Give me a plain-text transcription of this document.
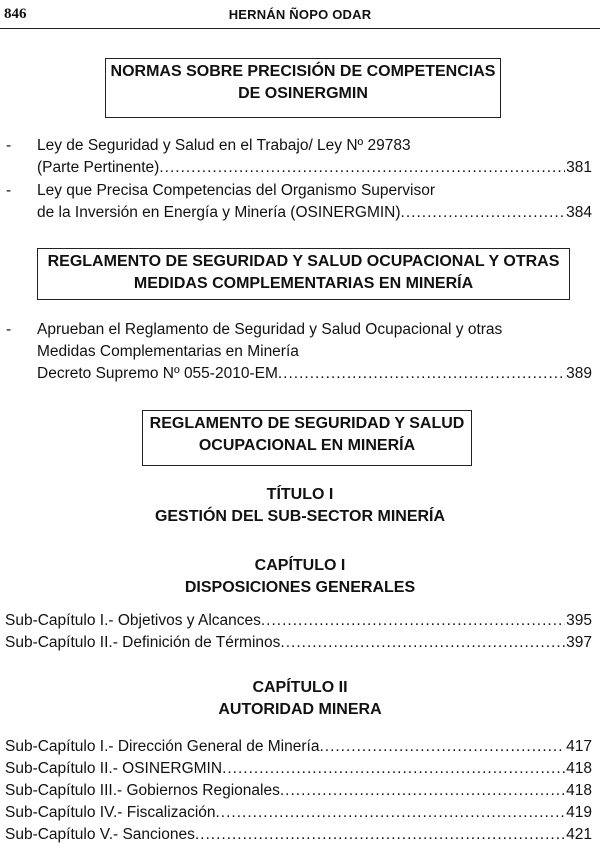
846	HERNÁN ÑOPO ODAR
NORMAS SOBRE PRECISIÓN DE COMPETENCIAS
DE OSINERGMIN
- Ley de Seguridad y Salud en el Trabajo/ Ley Nº 29783
(Parte Pertinente) .....	381
- Ley que Precisa Competencias del Organismo Supervisor
de la Inversión en Energía y Minería (OSINERGMIN) .....	384
REGLAMENTO DE SEGURIDAD Y SALUD OCUPACIONAL Y OTRAS
MEDIDAS COMPLEMENTARIAS EN MINERÍA
- Aprueban el Reglamento de Seguridad y Salud Ocupacional y otras
Medidas Complementarias en Minería
Decreto Supremo Nº 055-2010-EM .....	389
REGLAMENTO DE SEGURIDAD Y SALUD
OCUPACIONAL EN MINERÍA
TÍTULO I
GESTIÓN DEL SUB-SECTOR MINERÍA
CAPÍTULO I
DISPOSICIONES GENERALES
Sub-Capítulo I.- Objetivos y Alcances .....	395
Sub-Capítulo II.- Definición de Términos .....	397
CAPÍTULO II
AUTORIDAD MINERA
Sub-Capítulo I.- Dirección General de Minería .....	417
Sub-Capítulo II.- OSINERGMIN .....	418
Sub-Capítulo III.- Gobiernos Regionales .....	418
Sub-Capítulo IV.- Fiscalización .....	419
Sub-Capítulo V.- Sanciones .....	421
